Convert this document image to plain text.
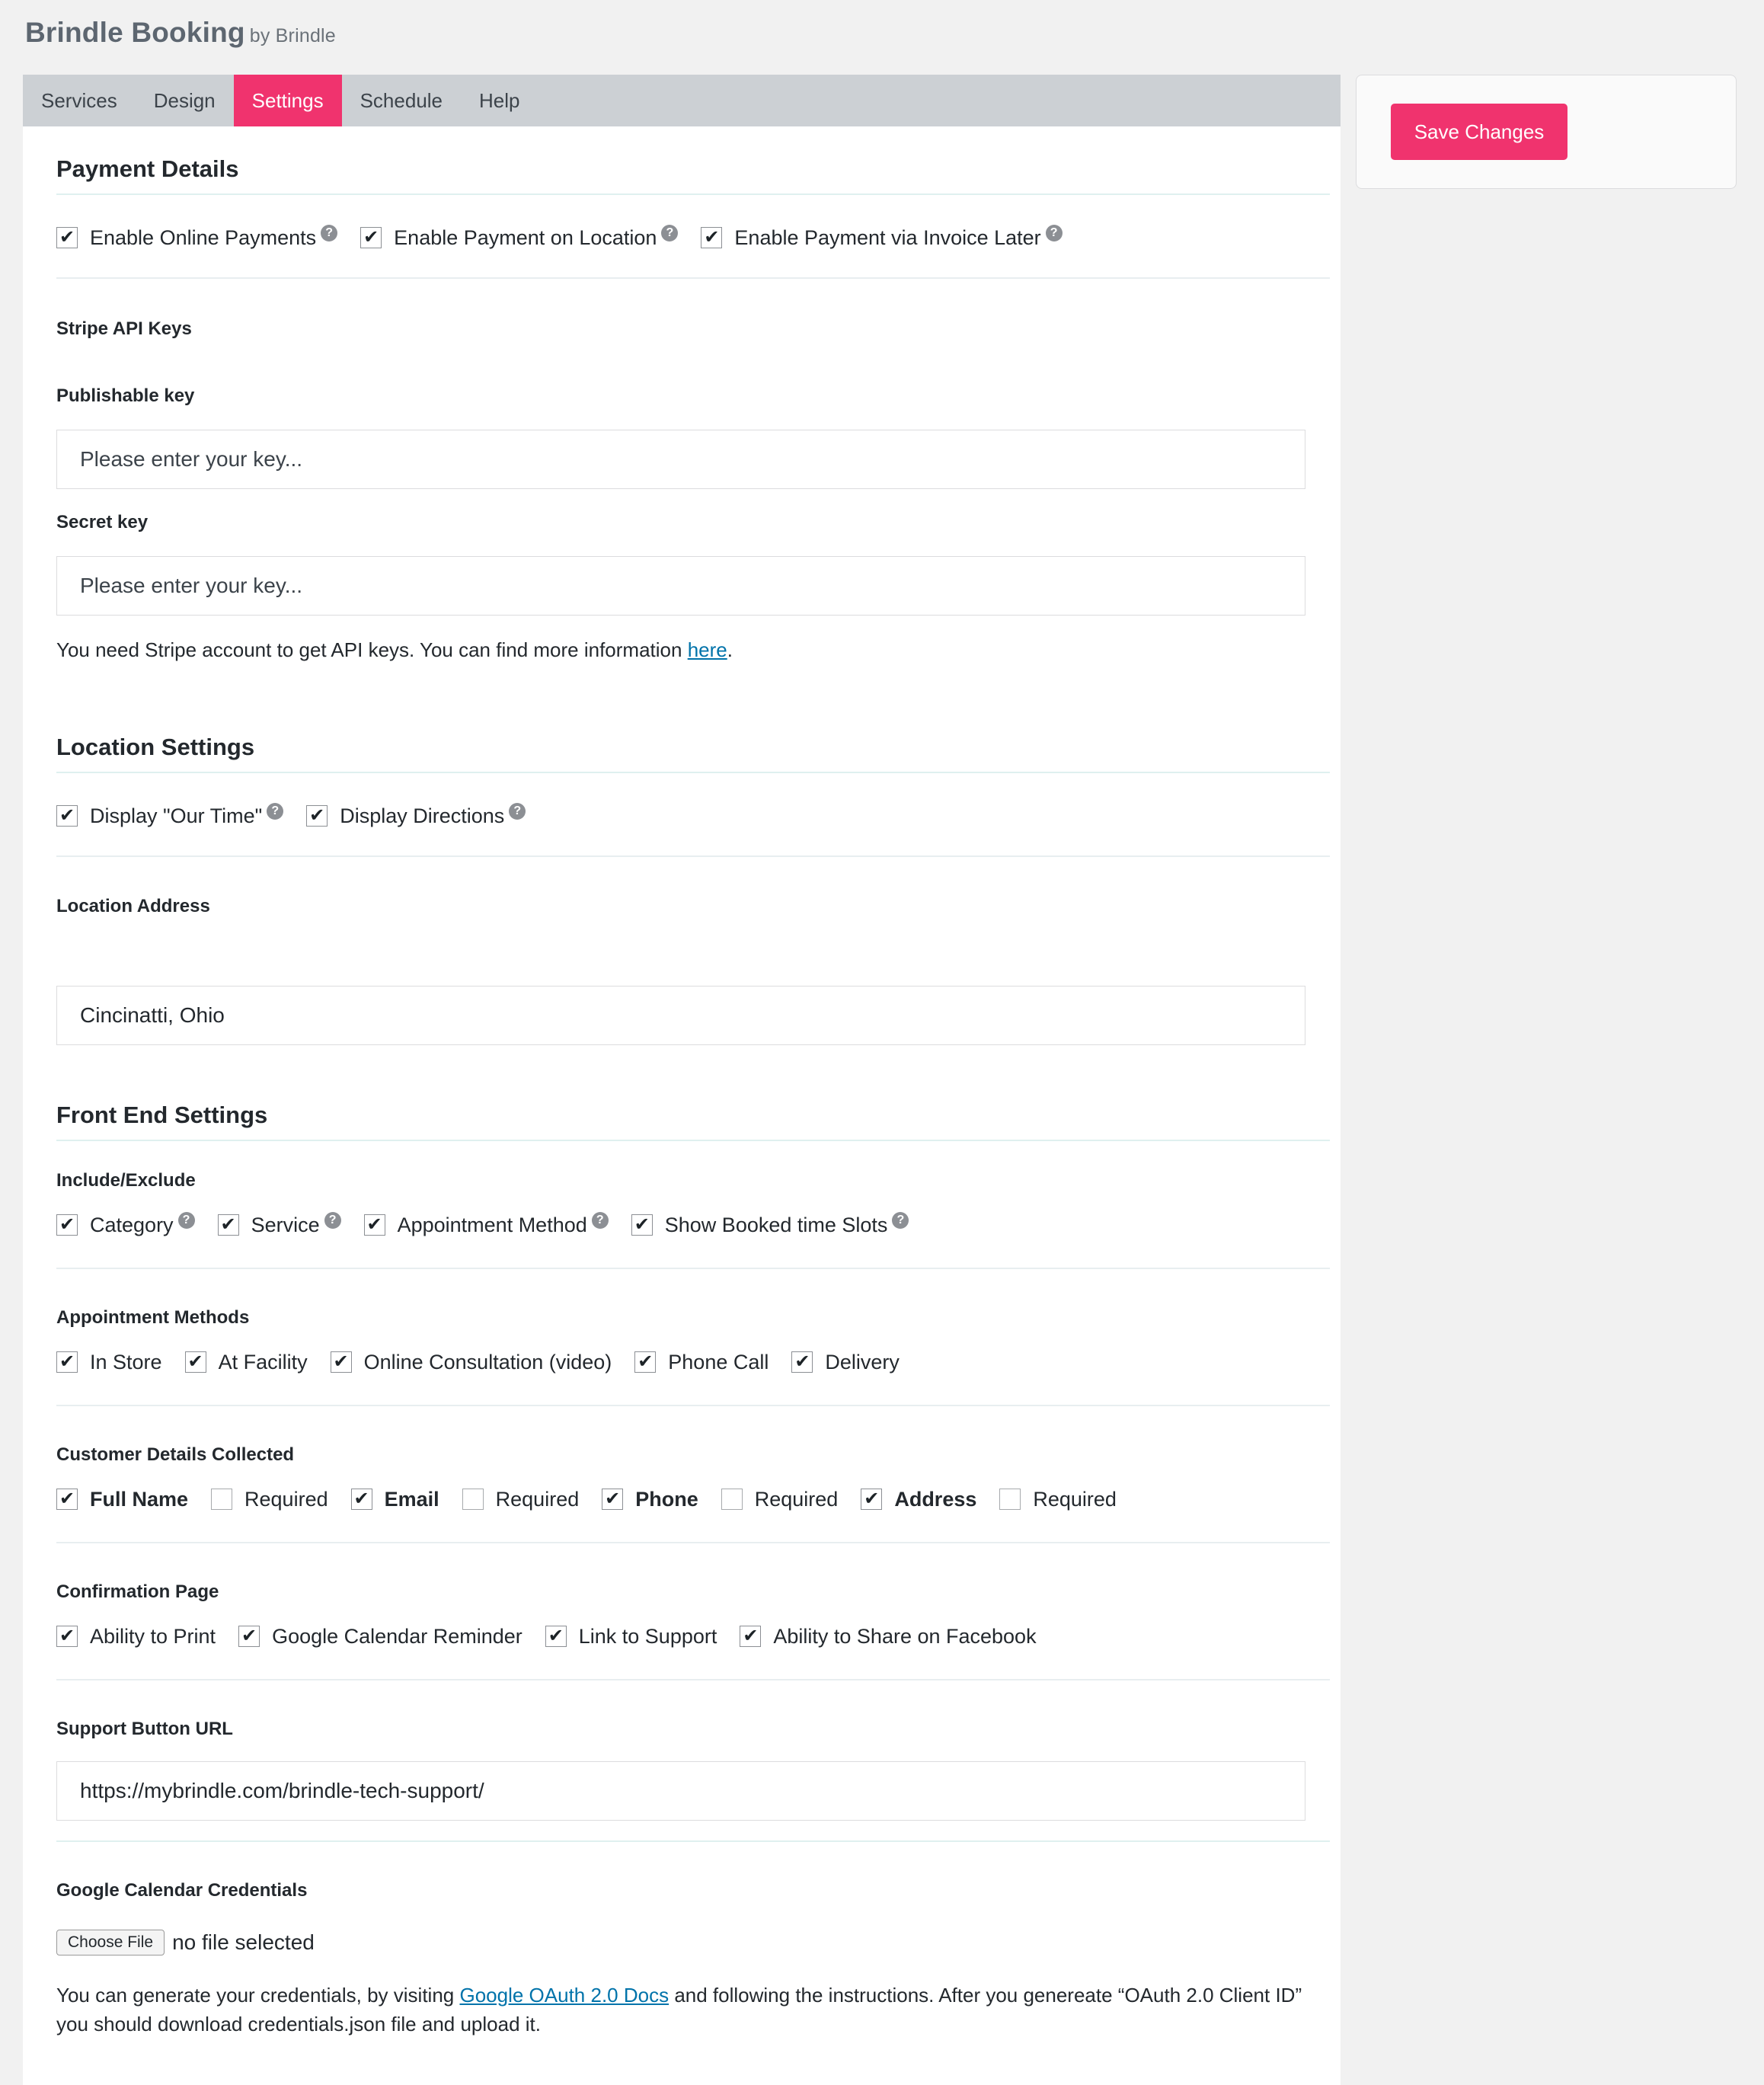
Brindle Booking by Brindle
Services	Design	Settings	Schedule	Help
Save Changes
Payment Details
✔ Enable Online Payments ? ✔ Enable Payment on Location ? ✔ Enable Payment via Invoice Later ?
Stripe API Keys
Publishable key
Please enter your key...
Secret key
Please enter your key...
You need Stripe account to get API keys. You can find more information here.
Location Settings
✔ Display "Our Time" ? ✔ Display Directions ?
Location Address
Cincinatti, Ohio
Front End Settings
Include/Exclude
✔ Category ? ✔ Service ? ✔ Appointment Method ? ✔ Show Booked time Slots ?
Appointment Methods
✔ In Store ✔ At Facility ✔ Online Consultation (video) ✔ Phone Call ✔ Delivery
Customer Details Collected
✔ Full Name	Required ✔ Email	Required ✔ Phone	Required ✔ Address	Required
Confirmation Page
✔ Ability to Print ✔ Google Calendar Reminder ✔ Link to Support ✔ Ability to Share on Facebook
Support Button URL
https://mybrindle.com/brindle-tech-support/
Google Calendar Credentials
Choose File no file selected
You can generate your credentials, by visiting Google OAuth 2.0 Docs and following the instructions. After you genereate “OAuth 2.0 Client ID” you should download credentials.json file and upload it.
